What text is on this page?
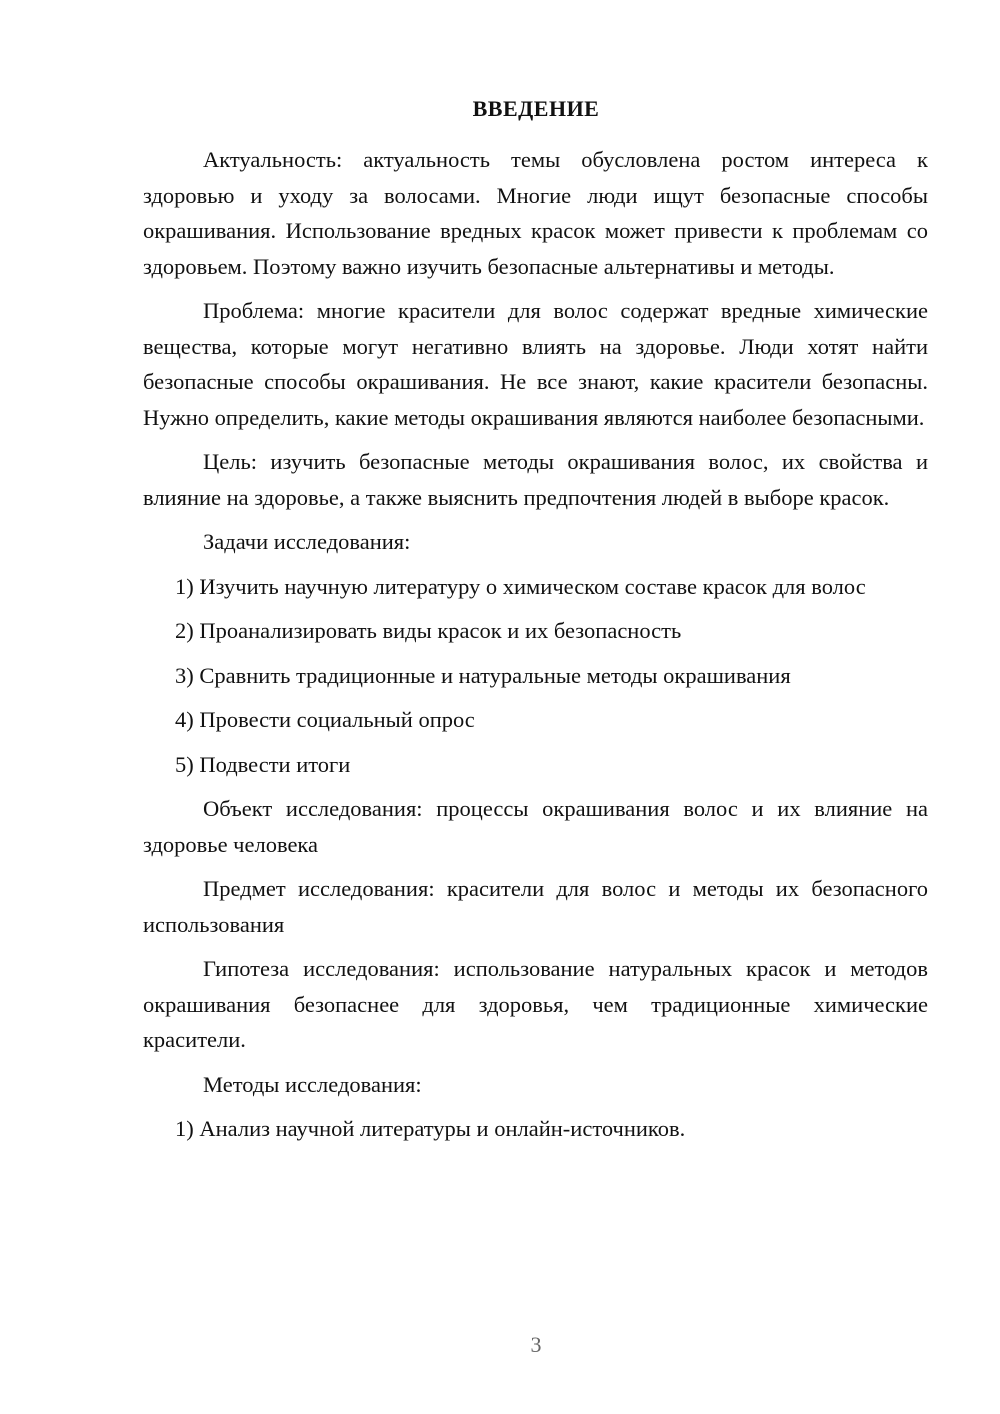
ВВЕДЕНИЕ

Актуальность: актуальность темы обусловлена ростом интереса к здоровью и уходу за волосами. Многие люди ищут безопасные способы окрашивания. Использование вредных красок может привести к проблемам со здоровьем. Поэтому важно изучить безопасные альтернативы и методы.

Проблема: многие красители для волос содержат вредные химические вещества, которые могут негативно влиять на здоровье. Люди хотят найти безопасные способы окрашивания. Не все знают, какие красители безопасны. Нужно определить, какие методы окрашивания являются наиболее безопасными.

Цель: изучить безопасные методы окрашивания волос, их свойства и влияние на здоровье, а также выяснить предпочтения людей в выборе красок.

Задачи исследования:

1) Изучить научную литературу о химическом составе красок для волос

2) Проанализировать виды красок и их безопасность

3) Сравнить традиционные и натуральные методы окрашивания

4) Провести социальный опрос

5) Подвести итоги

Объект исследования: процессы окрашивания волос и их влияние на здоровье человека

Предмет исследования: красители для волос и методы их безопасного использования

Гипотеза исследования: использование натуральных красок и методов окрашивания безопаснее для здоровья, чем традиционные химические красители.

Методы исследования:

1) Анализ научной литературы и онлайн-источников.

3
